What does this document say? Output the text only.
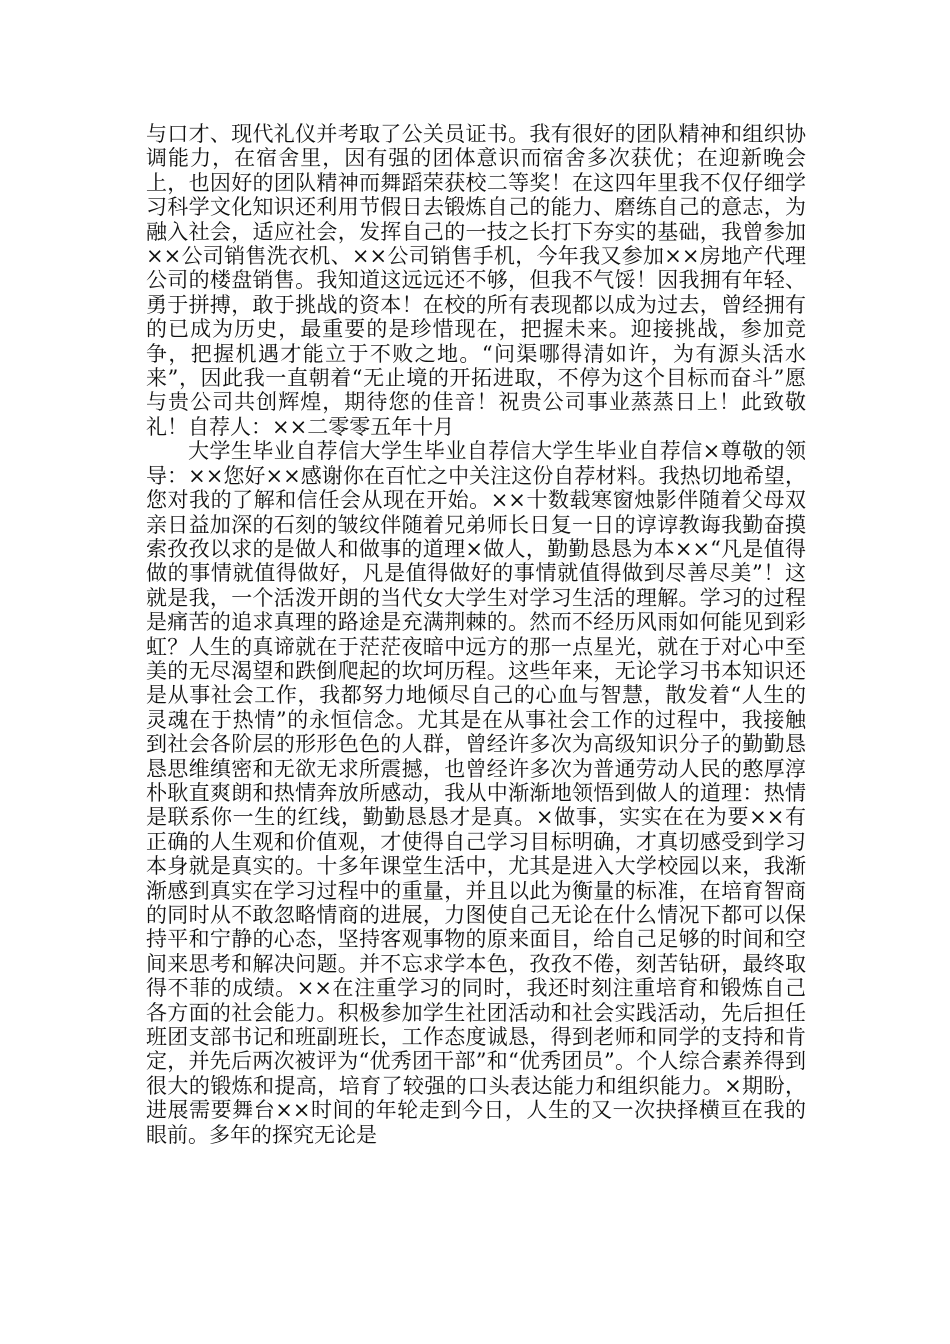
与口才、现代礼仪并考取了公关员证书。我有很好的团队精神和组织协调能力，在宿舍里，因有强的团体意识而宿舍多次获优；在迎新晚会上，也因好的团队精神而舞蹈荣获校二等奖！在这四年里我不仅仔细学习科学文化知识还利用节假日去锻炼自己的能力、磨练自己的意志，为融入社会，适应社会，发挥自己的一技之长打下夯实的基础，我曾参加××公司销售洗衣机、××公司销售手机，今年我又参加××房地产代理公司的楼盘销售。我知道这远远还不够，但我不气馁！因我拥有年轻、勇于拼搏，敢于挑战的资本！在校的所有表现都以成为过去，曾经拥有的已成为历史，最重要的是珍惜现在，把握未来。迎接挑战，参加竞争，把握机遇才能立于不败之地。“问渠哪得清如许，为有源头活水来”，因此我一直朝着“无止境的开拓进取，不停为这个目标而奋斗”愿与贵公司共创辉煌，期待您的佳音！祝贵公司事业蒸蒸日上！此致敬礼！自荐人：××二零零五年十月

大学生毕业自荐信大学生毕业自荐信大学生毕业自荐信×尊敬的领导：××您好××感谢你在百忙之中关注这份自荐材料。我热切地希望，您对我的了解和信任会从现在开始。××十数载寒窗烛影伴随着父母双亲日益加深的石刻的皱纹伴随着兄弟师长日复一日的谆谆教诲我勤奋摸索孜孜以求的是做人和做事的道理×做人，勤勤恳恳为本××“凡是值得做的事情就值得做好，凡是值得做好的事情就值得做到尽善尽美”！这就是我，一个活泼开朗的当代女大学生对学习生活的理解。学习的过程是痛苦的追求真理的路途是充满荆棘的。然而不经历风雨如何能见到彩虹？人生的真谛就在于茫茫夜暗中远方的那一点星光，就在于对心中至美的无尽渴望和跌倒爬起的坎坷历程。这些年来，无论学习书本知识还是从事社会工作，我都努力地倾尽自己的心血与智慧，散发着“人生的灵魂在于热情”的永恒信念。尤其是在从事社会工作的过程中，我接触到社会各阶层的形形色色的人群，曾经许多次为高级知识分子的勤勤恳恳思维缜密和无欲无求所震撼，也曾经许多次为普通劳动人民的憨厚淳朴耿直爽朗和热情奔放所感动，我从中渐渐地领悟到做人的道理：热情是联系你一生的红线，勤勤恳恳才是真。×做事，实实在在为要××有正确的人生观和价值观，才使得自己学习目标明确，才真切感受到学习本身就是真实的。十多年课堂生活中，尤其是进入大学校园以来，我渐渐感到真实在学习过程中的重量，并且以此为衡量的标准，在培育智商的同时从不敢忽略情商的进展，力图使自己无论在什么情况下都可以保持平和宁静的心态，坚持客观事物的原来面目，给自己足够的时间和空间来思考和解决问题。并不忘求学本色，孜孜不倦，刻苦钻研，最终取得不菲的成绩。××在注重学习的同时，我还时刻注重培育和锻炼自己各方面的社会能力。积极参加学生社团活动和社会实践活动，先后担任班团支部书记和班副班长，工作态度诚恳，得到老师和同学的支持和肯定，并先后两次被评为“优秀团干部”和“优秀团员”。个人综合素养得到很大的锻炼和提高，培育了较强的口头表达能力和组织能力。×期盼，进展需要舞台××时间的年轮走到今日，人生的又一次抉择横亘在我的眼前。多年的探究无论是
